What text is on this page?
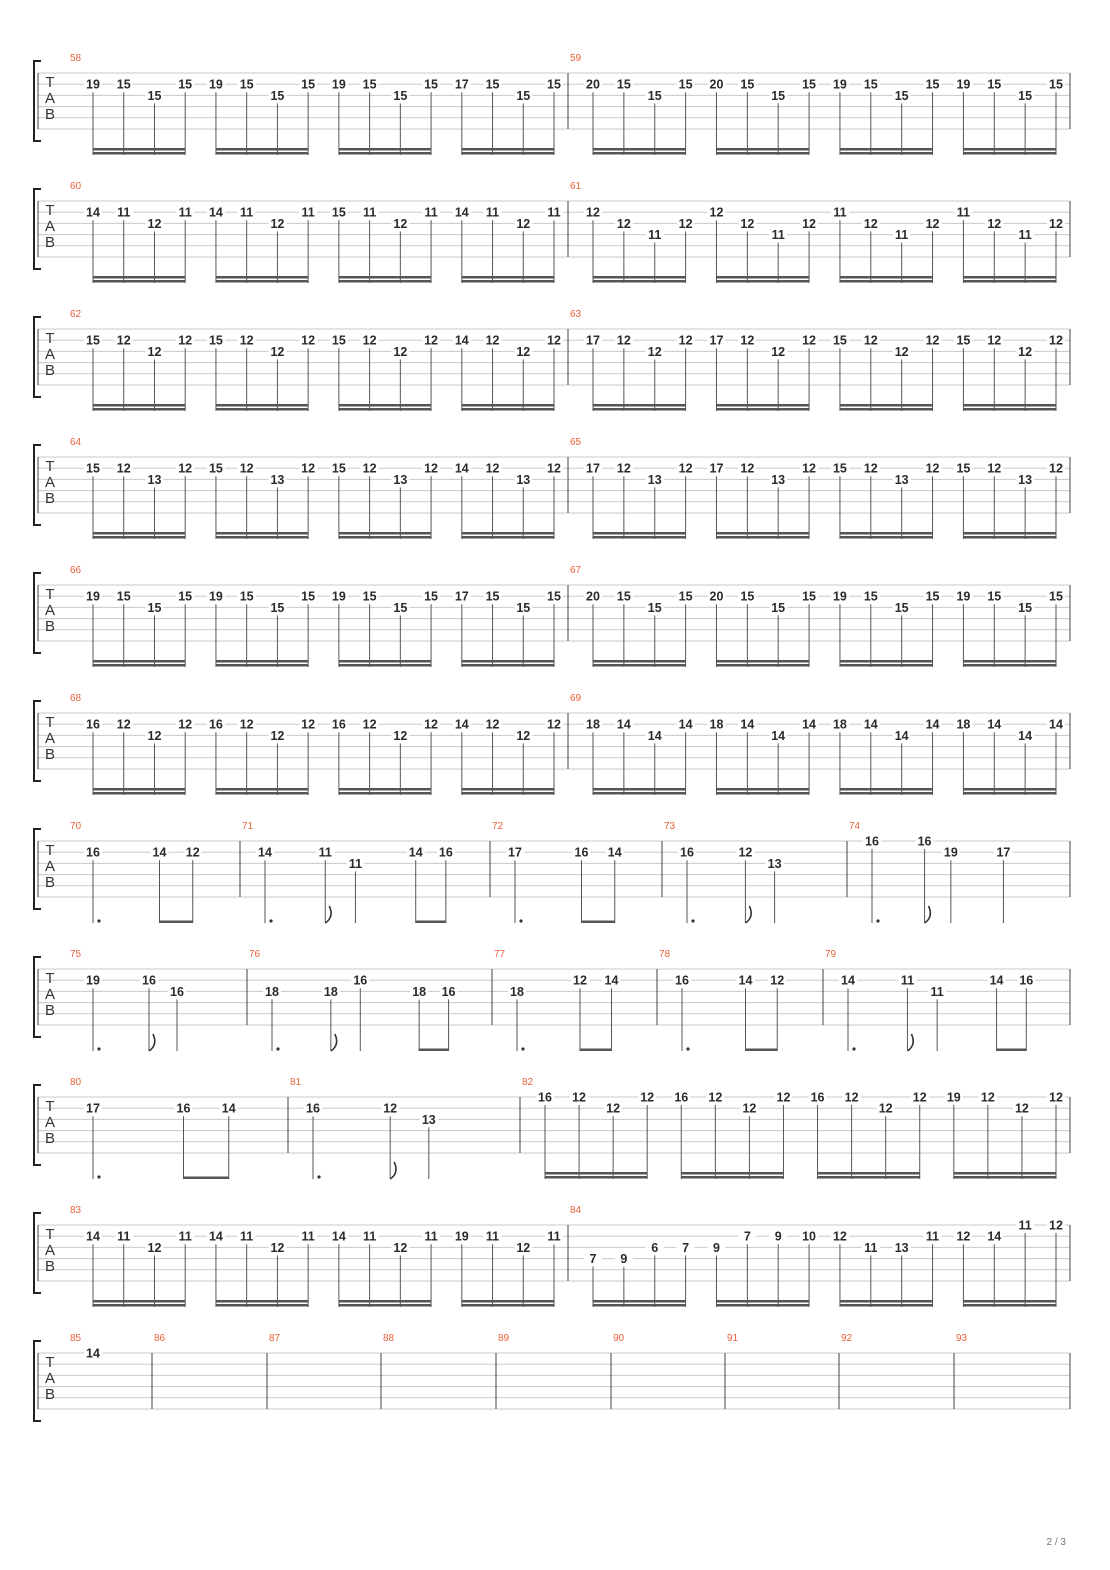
T
A
B
58
19 15
15
15 19 15
15
15 19 15
15
15 17 15
15
15
59
20 15
15
15 20 15
15
15 19 15
15
15 19 15
15
15
T
A
B
60
14 11
12
11 14 11
12
11 15 11
12
11 14 11
12
11
61
12
12
11
12
12
12
11
12
11
12
11
12
11
12
11
12
T
A
B
62
15 12
12
12 15 12
12
12 15 12
12
12 14 12
12
12
63
17 12
12
12 17 12
12
12 15 12
12
12 15 12
12
12
T
A
B
64
15 12
13
12 15 12
13
12 15 12
13
12 14 12
13
12
65
17 12
13
12 17 12
13
12 15 12
13
12 15 12
13
12
T
A
B
66
19 15
15
15 19 15
15
15 19 15
15
15 17 15
15
15
67
20 15
15
15 20 15
15
15 19 15
15
15 19 15
15
15
T
A
B
68
16 12
12
12 16 12
12
12 16 12
12
12 14 12
12
12
69
18 14
14
14 18 14
14
14 18 14
14
14 18 14
14
14
T
A
B
70
16	14 12
71
14	11
11
14 16
72
17	16 14
73
16	12
13
74
16	16
19	17
T
A
B
75
19	16
16
76
18	18
16
18 16
77
18
12 14
78
16	14 12
79
14	11
11
14 16
T
A
B
80
17	16	14
81
16	12
13
82
16 12
12
12 16 12
12
12 16 12
12
12 19 12
12
12
T
A
B
83
14 11
12
11 14 11
12
11 14 11
12
11 19 11
12
11
84
7 9
6 7 9
7 9 10 12
11 13
11 12 14
11 12
T
A
B
85
14
86	87	88	89	90	91	92	93
2 / 3
